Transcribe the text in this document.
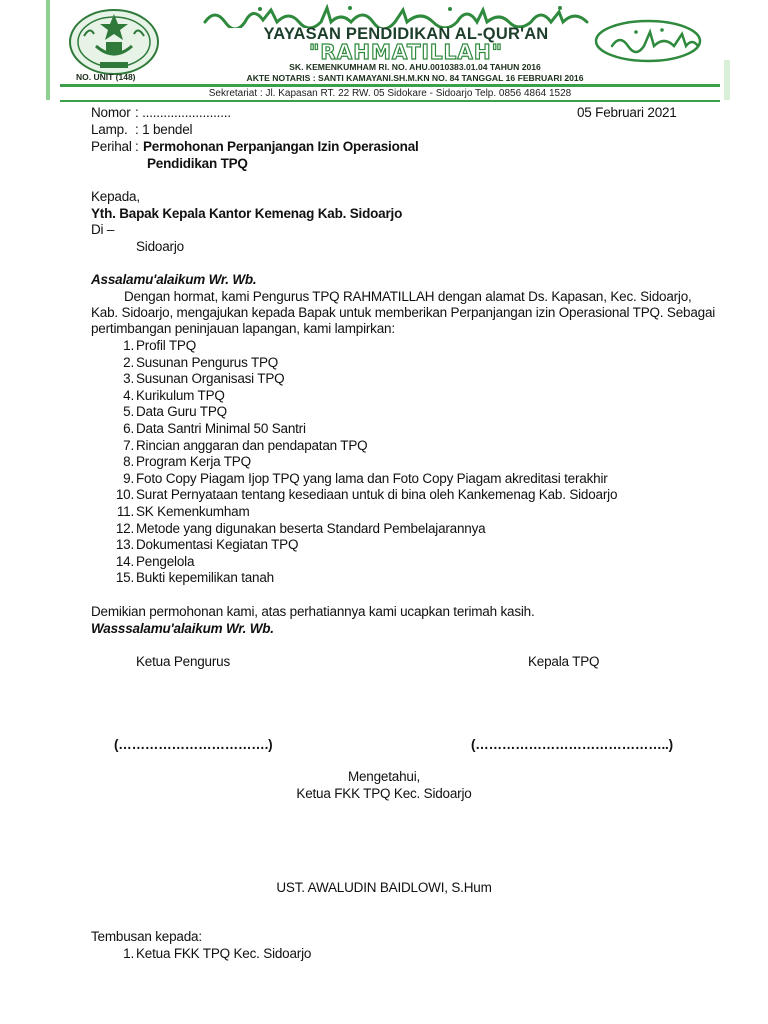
NO. UNIT (148)
YAYASAN PENDIDIKAN AL-QUR'AN
"RAHMATILLAH"
SK. KEMENKUMHAM RI. NO. AHU.0010383.01.04 TAHUN 2016
AKTE NOTARIS : SANTI KAMAYANI.SH.M.KN NO. 84 TANGGAL 16 FEBRUARI 2016
Sekretariat : Jl. Kapasan RT. 22 RW. 05 Sidokare - Sidoarjo Telp. 0856 4864 1528
Nomor : .........................	05 Februari 2021
Lamp. : 1 bendel
Perihal : Permohonan Perpanjangan Izin Operasional
Pendidikan TPQ
Kepada,
Yth. Bapak Kepala Kantor Kemenag Kab. Sidoarjo
Di –
Sidoarjo
Assalamu'alaikum Wr. Wb.
Dengan hormat, kami Pengurus TPQ RAHMATILLAH dengan alamat Ds. Kapasan, Kec. Sidoarjo,
Kab. Sidoarjo, mengajukan kepada Bapak untuk memberikan Perpanjangan izin Operasional TPQ. Sebagai
pertimbangan peninjauan lapangan, kami lampirkan:
1. Profil TPQ
2. Susunan Pengurus TPQ
3. Susunan Organisasi TPQ
4. Kurikulum TPQ
5. Data Guru TPQ
6. Data Santri Minimal 50 Santri
7. Rincian anggaran dan pendapatan TPQ
8. Program Kerja TPQ
9. Foto Copy Piagam Ijop TPQ yang lama dan Foto Copy Piagam akreditasi terakhir
10. Surat Pernyataan tentang kesediaan untuk di bina oleh Kankemenag Kab. Sidoarjo
11. SK Kemenkumham
12. Metode yang digunakan beserta Standard Pembelajarannya
13. Dokumentasi Kegiatan TPQ
14. Pengelola
15. Bukti kepemilikan tanah
Demikian permohonan kami, atas perhatiannya kami ucapkan terimah kasih.
Wasssalamu'alaikum Wr. Wb.
Ketua Pengurus	Kepala TPQ
(…………………………….)	(……………………………………..)
Mengetahui,
Ketua FKK TPQ Kec. Sidoarjo
UST. AWALUDIN BAIDLOWI, S.Hum
Tembusan kepada:
1. Ketua FKK TPQ Kec. Sidoarjo
